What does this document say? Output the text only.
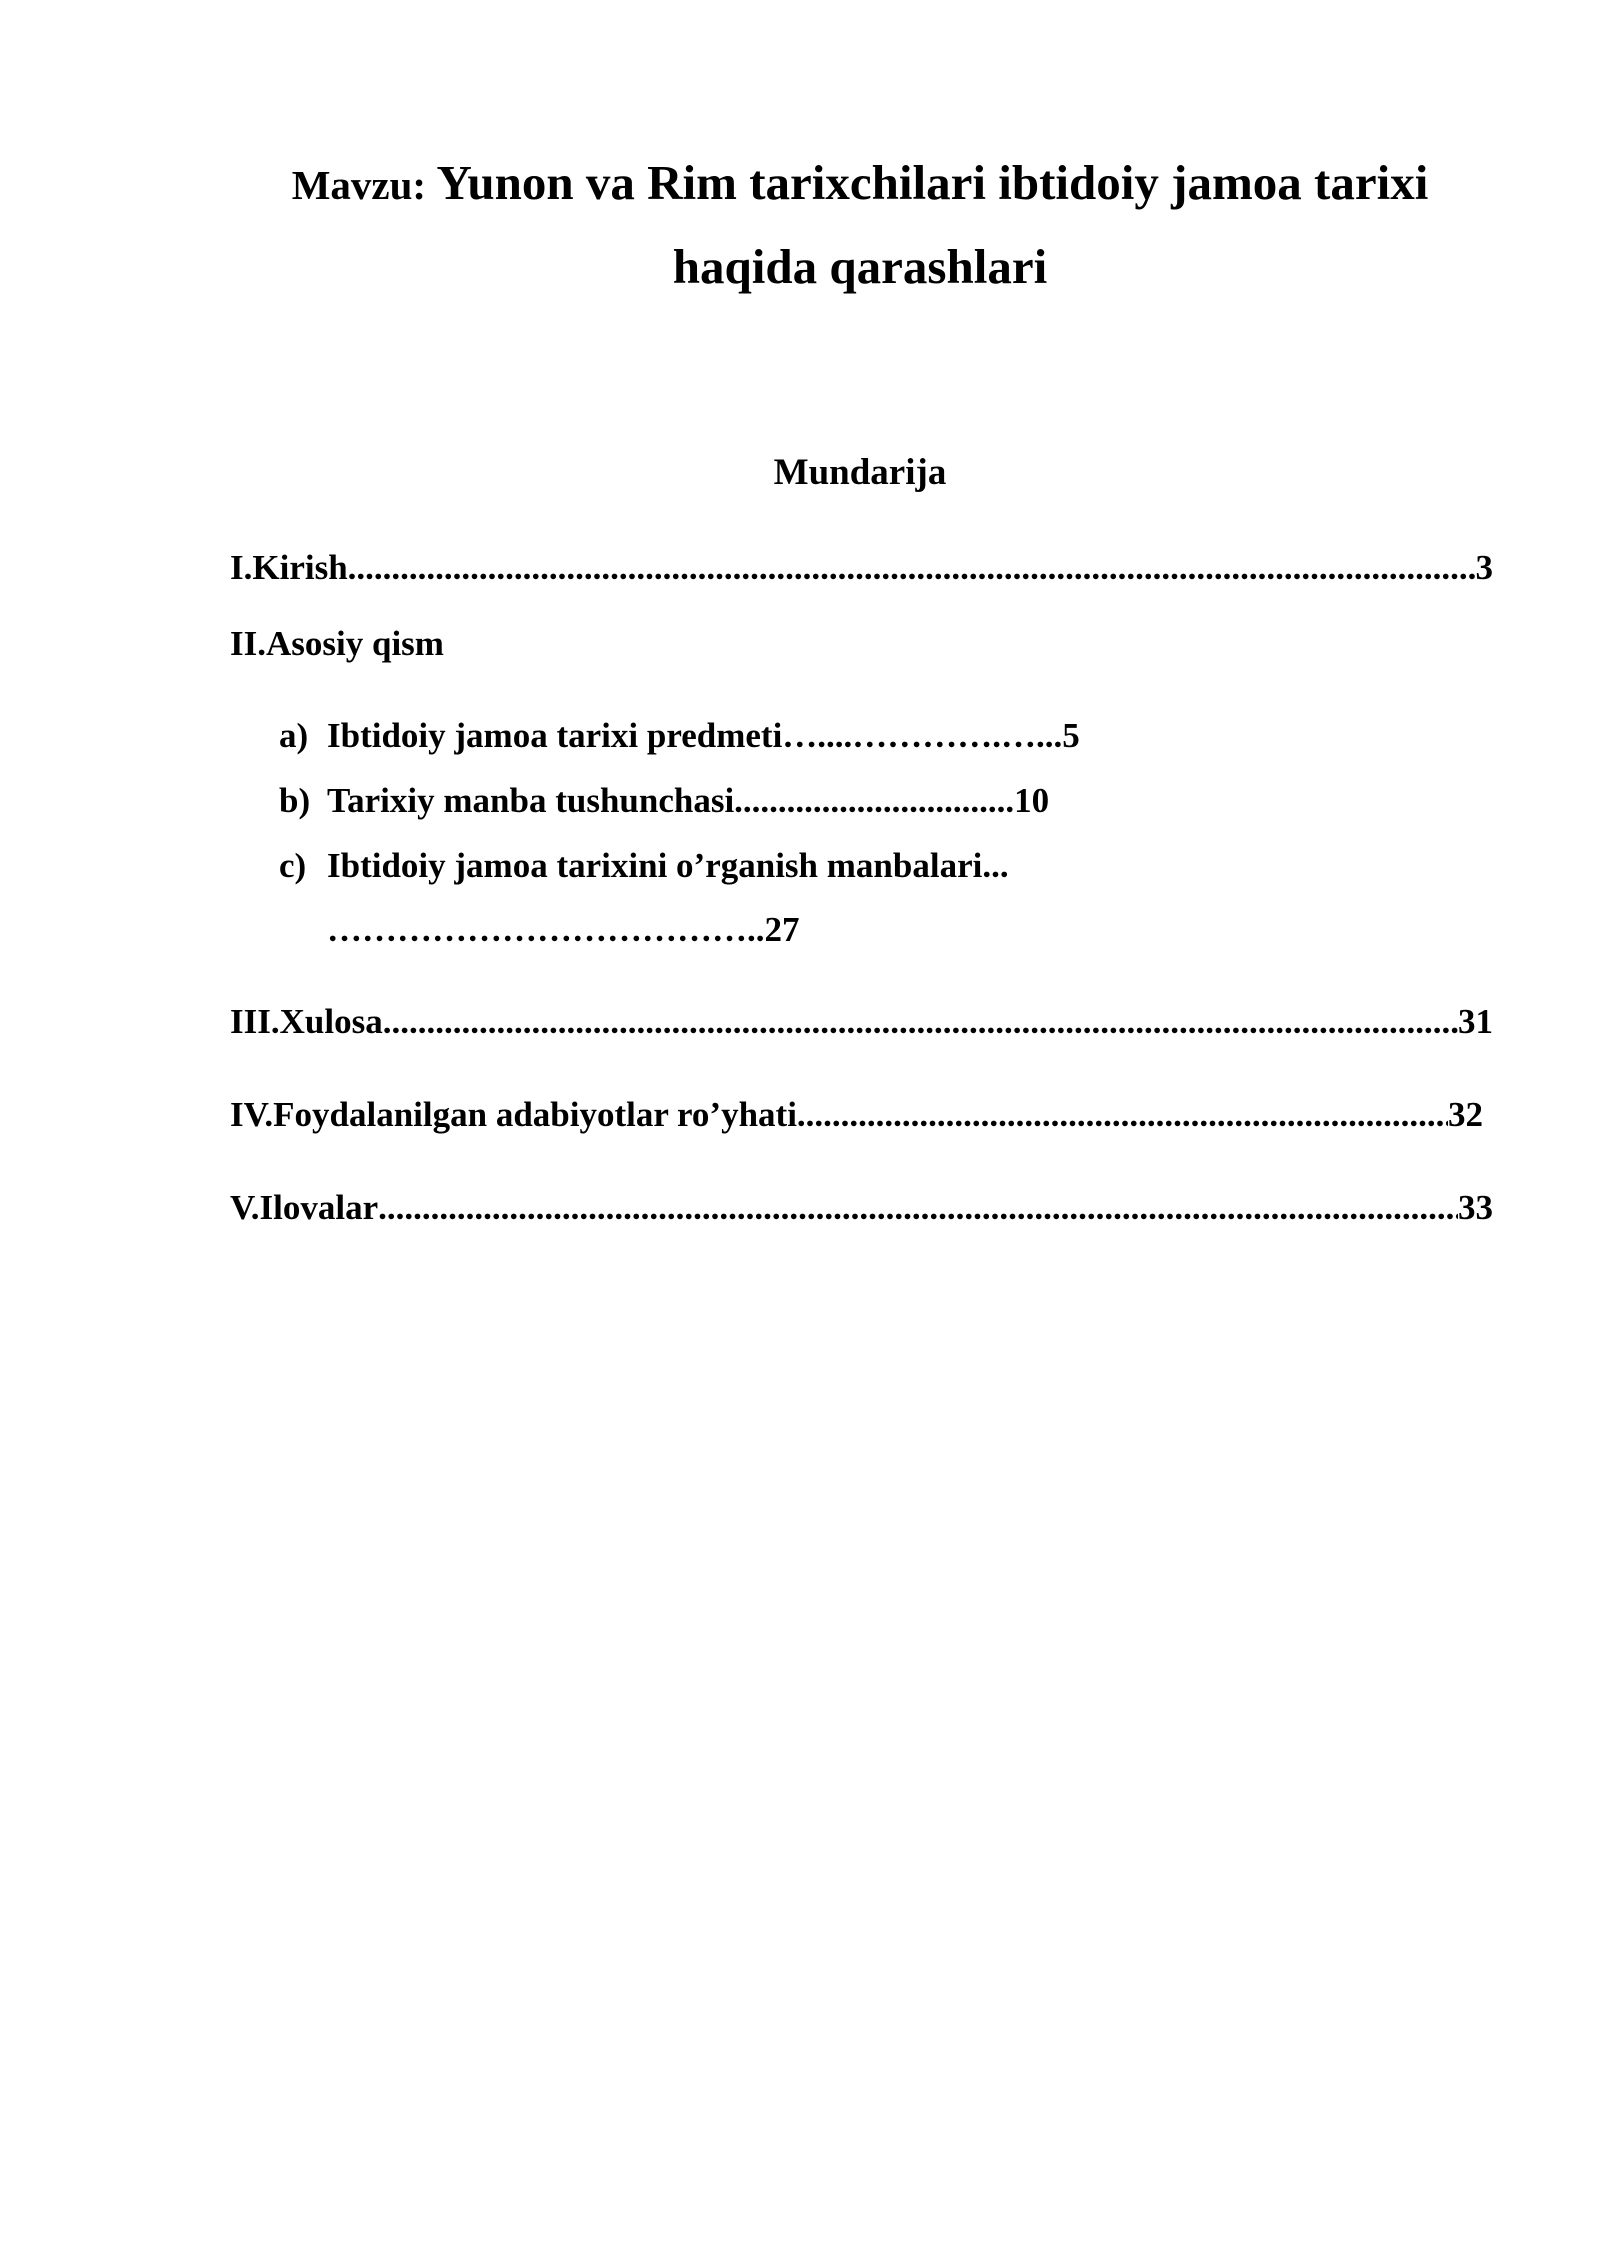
Mavzu: Yunon va Rim tarixchilari ibtidoiy jamoa tarixi
haqida qarashlari
Mundarija
I.Kirish .....	3
II.Asosiy qism
a) Ibtidoiy jamoa tarixi predmeti…....………….…...5
b) Tarixiy manba tushunchasi................................10
c) Ibtidoiy jamoa tarixini o’rganish manbalari...
………………………………..27
III.Xulosa .....	31
IV.Foydalanilgan adabiyotlar ro’yhati .....	32
V.Ilovalar .....	33
